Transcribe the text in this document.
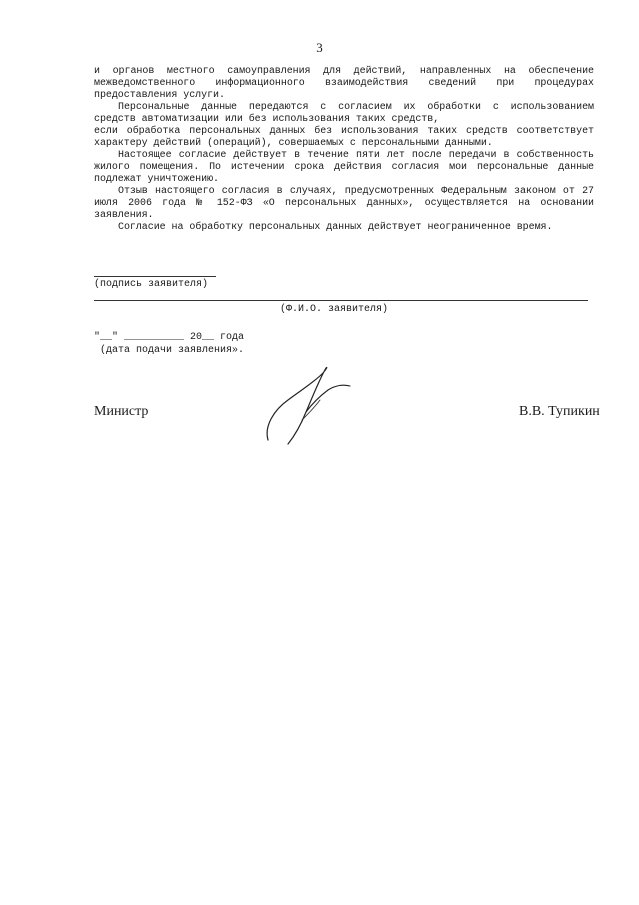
3

и органов местного самоуправления для действий, направленных на обеспечение межведомственного информационного взаимодействия сведений при процедурах предоставления услуги.

Персональные данные передаются с согласием их обработки с использованием средств автоматизации или без использования таких средств,

если обработка персональных данных без использования таких средств соответствует характеру действий (операций), совершаемых с персональными данными.

Настоящее согласие действует в течение пяти лет после передачи в собственность жилого помещения. По истечении срока действия согласия мои персональные данные подлежат уничтожению.

Отзыв настоящего согласия в случаях, предусмотренных Федеральным законом от 27 июля 2006 года № 152-ФЗ «О персональных данных», осуществляется на основании заявления.

Согласие на обработку персональных данных действует неограниченное время.

(подпись заявителя)
(Ф.И.О. заявителя)
"__" __________ 20__ года
(дата подачи заявления».
Министр	В.В. Тупикин
